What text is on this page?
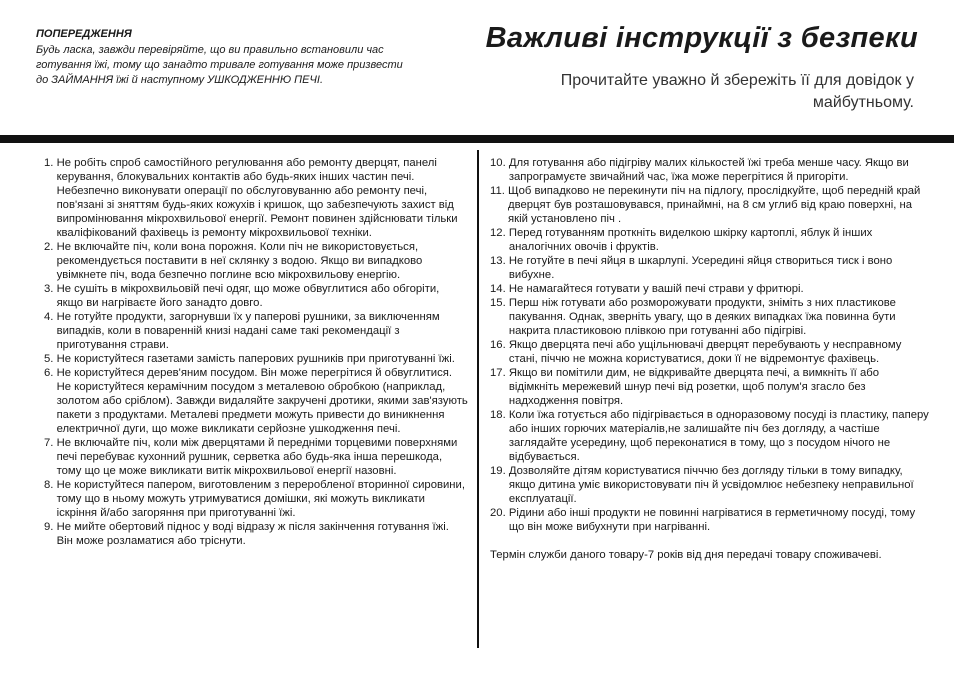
ПОПЕРЕДЖЕННЯ
Будь ласка, завжди перевіряйте, що ви правильно встановили час готування їжі, тому що занадто тривале готування може призвести до ЗАЙМАННЯ їжі й наступному УШКОДЖЕННЮ ПЕЧІ.
Важливі інструкції з безпеки
Прочитайте уважно й збережіть її для довідок у майбутньому.
1. Не робіть спроб самостійного регулювання або ремонту дверцят, панелі керування, блокувальних контактів або будь-яких інших частин печі. Небезпечно виконувати операції по обслуговуванню або ремонту печі, пов'язані зі зняттям будь-яких кожухів і кришок, що забезпечують захист від випромінювання мікрохвильової енергії. Ремонт повинен здійснювати тільки кваліфікований фахівець із ремонту мікрохвильової техніки.
2. Не включайте піч, коли вона порожня. Коли піч не використовується, рекомендується поставити в неї склянку з водою. Якщо ви випадково увімкнете піч, вода безпечно поглине всю мікрохвильову енергію.
3. Не сушіть в мікрохвильовій печі одяг, що може обвуглитися або обгоріти, якщо ви нагріваєте його занадто довго.
4. Не готуйте продукти, загорнувши їх у паперові рушники, за виключенням випадків, коли в поваренній книзі надані саме такі рекомендації з приготування страви.
5. Не користуйтеся газетами замість паперових рушників при приготуванні їжі.
6. Не користуйтеся дерев'яним посудом. Він може перегрітися й обвуглитися. Не користуйтеся керамічним посудом з металевою обробкою (наприклад, золотом або сріблом). Завжди видаляйте закручені дротики, якими зав'язують пакети з продуктами. Металеві предмети можуть привести до виникнення електричної дуги, що може викликати серйозне ушкодження печі.
7. Не включайте піч, коли між дверцятами й передніми торцевими поверхнями печі перебуває кухонний рушник, серветка або будь-яка інша перешкода, тому що це може викликати витік мікрохвильової енергії назовні.
8. Не користуйтеся папером, виготовленим з переробленої вторинної сировини, тому що в ньому можуть утримуватися домішки, які можуть викликати іскріння й/або загоряння при приготуванні їжі.
9. Не мийте обертовий піднос у воді відразу ж після закінчення готування їжі. Він може розламатися або тріснути.
10. Для готування або підігріву малих кількостей їжі треба менше часу. Якщо ви запрограмуєте звичайний час, їжа може перегрітися й пригоріти.
11. Щоб випадково не перекинути піч на підлогу, прослідкуйте, щоб передній край дверцят був розташовувався, принаймні, на 8 см углиб від краю поверхні, на якій установлено піч .
12. Перед готуванням проткніть виделкою шкірку картоплі, яблук й інших аналогічних овочів і фруктів.
13. Не готуйте в печі яйця в шкарлупі. Усередині яйця створиться тиск і воно вибухне.
14. Не намагайтеся готувати у вашій печі страви у фритюрі.
15. Перш ніж готувати або розморожувати продукти, зніміть з них пластикове пакування. Однак, зверніть увагу, що в деяких випадках їжа повинна бути накрита пластиковою плівкою при готуванні або підігріві.
16. Якщо дверцята печі або ущільнювачі дверцят перебувають у несправному стані, піччю не можна користуватися, доки її не відремонтує фахівець.
17. Якщо ви помітили дим, не відкривайте дверцята печі, а вимкніть її або відімкніть мережевий шнур печі від розетки, щоб полум'я згасло без надходження повітря.
18. Коли їжа готується або підігрівається в одноразовому посуді із пластику, паперу або інших горючих матеріалів,не залишайте піч без догляду, а частіше заглядайте усередину, щоб переконатися в тому, що з посудом нічого не відбувається.
19. Дозволяйте дітям користуватися пічччю без догляду тільки в тому випадку, якщо дитина уміє використовувати піч й усвідомлює небезпеку неправильної експлуатації.
20. Рідини або інші продукти не повинні нагріватися в герметичному посуді, тому що він може вибухнути при нагріванні.
Термін служби даного товару-7 років від дня передачі товару споживачеві.
